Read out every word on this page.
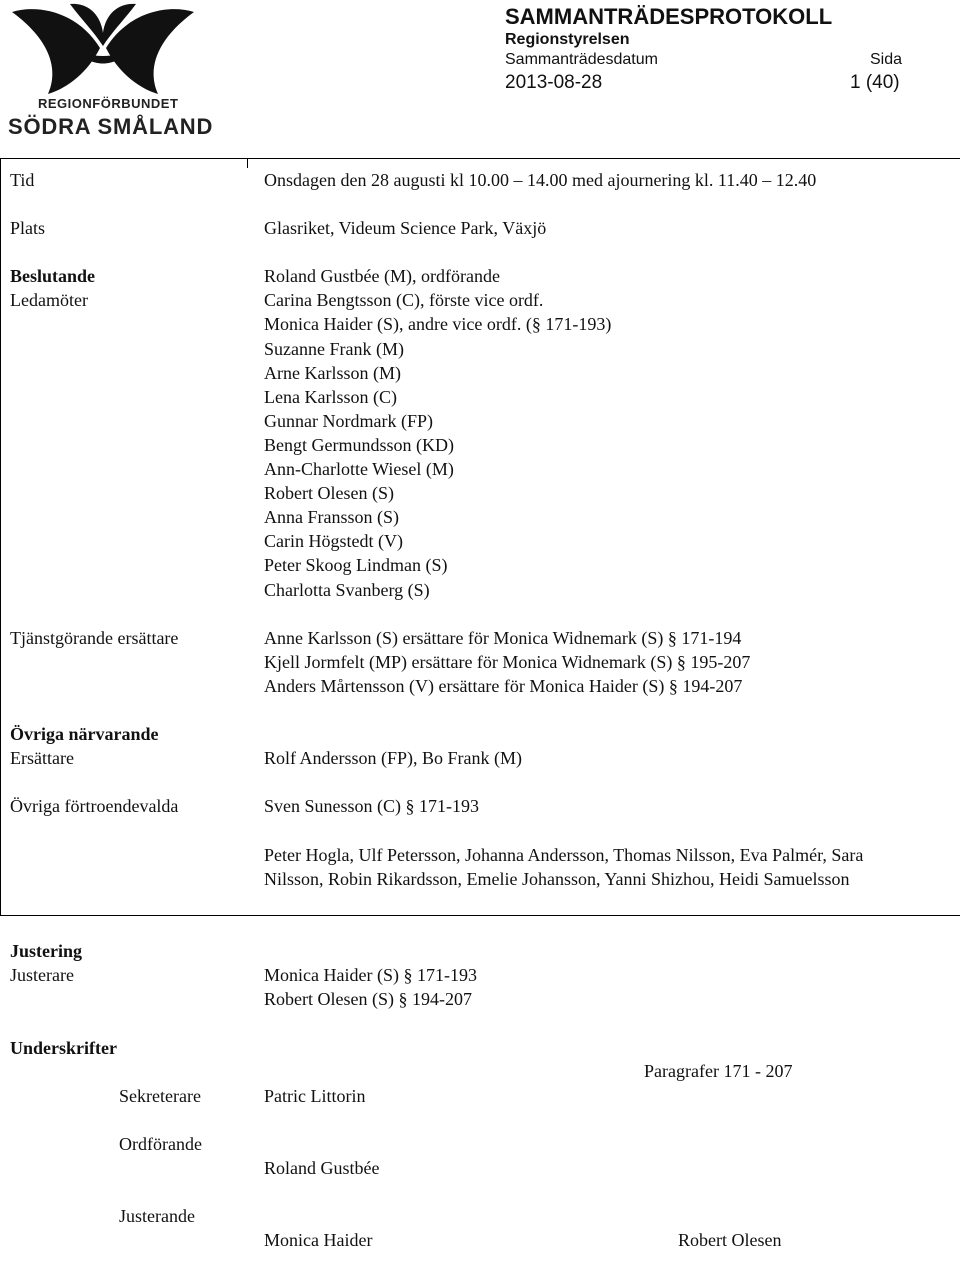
REGIONFÖRBUNDET
SÖDRA SMÅLAND
SAMMANTRÄDESPROTOKOLL
Regionstyrelsen
Sammanträdesdatum	Sida
2013-08-28	1 (40)
Tid	Onsdagen den 28 augusti kl 10.00 – 14.00 med ajournering kl. 11.40 – 12.40
Plats	Glasriket, Videum Science Park, Växjö
Beslutande
Ledamöter
Roland Gustbée (M), ordförande
Carina Bengtsson (C), förste vice ordf.
Monica Haider (S), andre vice ordf. (§ 171-193)
Suzanne Frank (M)
Arne Karlsson (M)
Lena Karlsson (C)
Gunnar Nordmark (FP)
Bengt Germundsson (KD)
Ann-Charlotte Wiesel (M)
Robert Olesen (S)
Anna Fransson (S)
Carin Högstedt (V)
Peter Skoog Lindman (S)
Charlotta Svanberg (S)
Tjänstgörande ersättare	Anne Karlsson (S) ersättare för Monica Widnemark (S) § 171-194
Kjell Jormfelt (MP) ersättare för Monica Widnemark (S) § 195-207
Anders Mårtensson (V) ersättare för Monica Haider (S) § 194-207
Övriga närvarande
Ersättare	Rolf Andersson (FP), Bo Frank (M)
Övriga förtroendevalda	Sven Sunesson (C) § 171-193
Peter Hogla, Ulf Petersson, Johanna Andersson, Thomas Nilsson, Eva Palmér, Sara
Nilsson, Robin Rikardsson, Emelie Johansson, Yanni Shizhou, Heidi Samuelsson
Justering
Justerare	Monica Haider (S) § 171-193
Robert Olesen (S) § 194-207
Underskrifter
Paragrafer 171 - 207
Sekreterare	Patric Littorin
Ordförande
Roland Gustbée
Justerande
Monica Haider	Robert Olesen
